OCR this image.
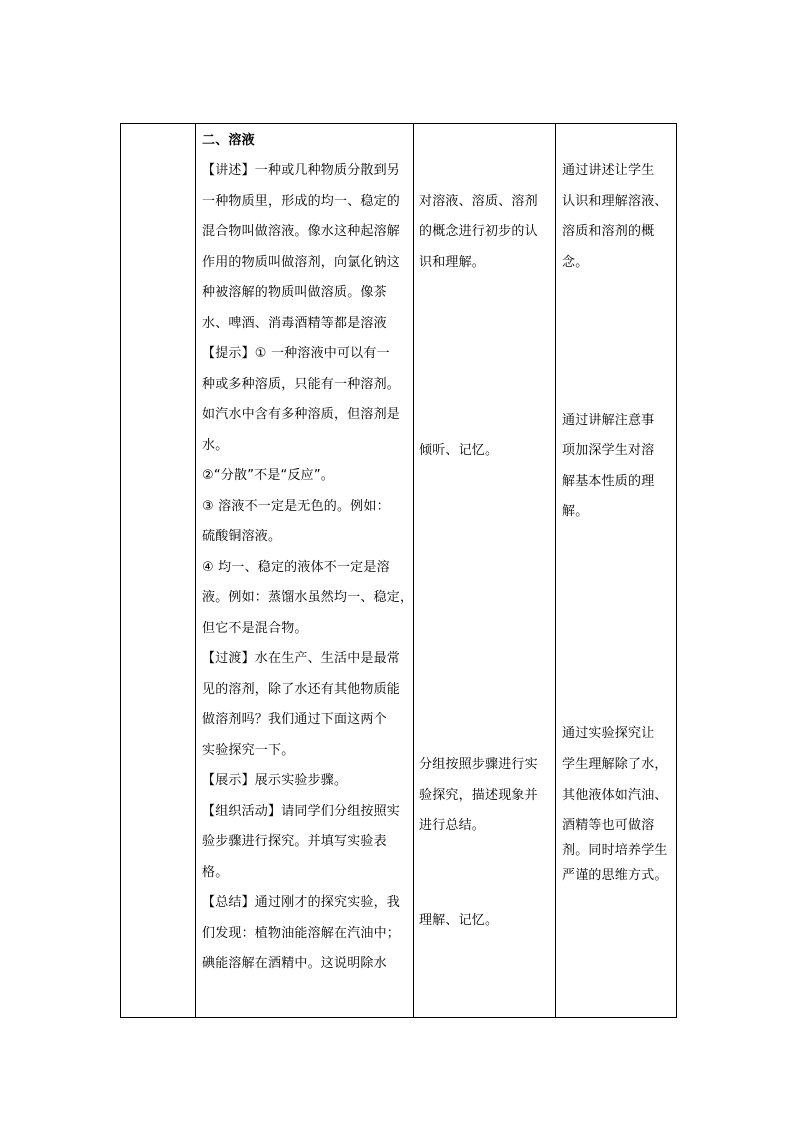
二、溶液
【讲述】一种或几种物质分散到另
一种物质里，形成的均一、稳定的
混合物叫做溶液。像水这种起溶解
作用的物质叫做溶剂，向氯化钠这
种被溶解的物质叫做溶质。像茶
水、啤酒、消毒酒精等都是溶液
【提示】① 一种溶液中可以有一
种或多种溶质，只能有一种溶剂。
如汽水中含有多种溶质，但溶剂是
水。
②“分散”不是“反应”。
③ 溶液不一定是无色的。例如：
硫酸铜溶液。
④ 均一、稳定的液体不一定是溶
液。例如：蒸馏水虽然均一、稳定，
但它不是混合物。
【过渡】水在生产、生活中是最常
见的溶剂，除了水还有其他物质能
做溶剂吗？我们通过下面这两个
实验探究一下。
【展示】展示实验步骤。
【组织活动】请同学们分组按照实
验步骤进行探究。并填写实验表
格。
【总结】通过刚才的探究实验，我
们发现：植物油能溶解在汽油中；
碘能溶解在酒精中。这说明除水
对溶液、溶质、溶剂
的概念进行初步的认
识和理解。
倾听、记忆。
分组按照步骤进行实
验探究，描述现象并
进行总结。
理解、记忆。
通过讲述让学生
认识和理解溶液、
溶质和溶剂的概
念。
通过讲解注意事
项加深学生对溶
解基本性质的理
解。
通过实验探究让
学生理解除了水，
其他液体如汽油、
酒精等也可做溶
剂。同时培养学生
严谨的思维方式。
